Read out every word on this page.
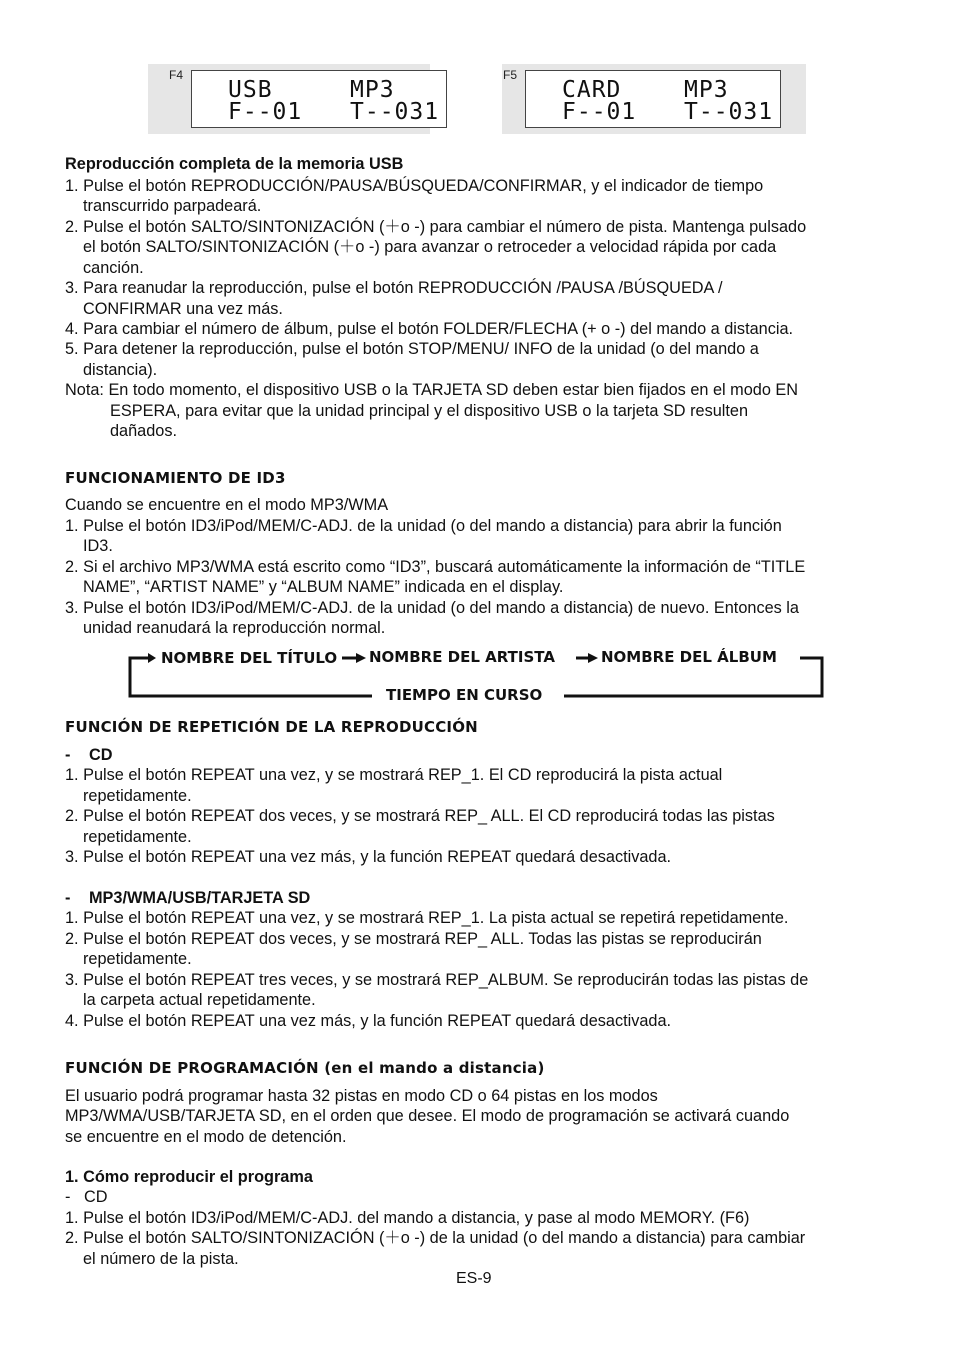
F4
USB	MP3
F--01 T--031
F5
CARD	MP3
F--01 T--031
Reproducción completa de la memoria USB
1. Pulse el botón REPRODUCCIÓN/PAUSA/BÚSQUEDA/CONFIRMAR, y el indicador de tiempo
transcurrido parpadeará.
2. Pulse el botón SALTO/SINTONIZACIÓN (＋o -) para cambiar el número de pista. Mantenga pulsado
el botón SALTO/SINTONIZACIÓN (＋o -) para avanzar o retroceder a velocidad rápida por cada
canción.
3. Para reanudar la reproducción, pulse el botón REPRODUCCIÓN /PAUSA /BÚSQUEDA /
CONFIRMAR una vez más.
4. Para cambiar el número de álbum, pulse el botón FOLDER/FLECHA (+ o -) del mando a distancia.
5. Para detener la reproducción, pulse el botón STOP/MENU/ INFO de la unidad (o del mando a
distancia).
Nota: En todo momento, el dispositivo USB o la TARJETA SD deben estar bien fijados en el modo EN
ESPERA, para evitar que la unidad principal y el dispositivo USB o la tarjeta SD resulten
dañados.
FUNCIONAMIENTO DE ID3
Cuando se encuentre en el modo MP3/WMA
1. Pulse el botón ID3/iPod/MEM/C-ADJ. de la unidad (o del mando a distancia) para abrir la función
ID3.
2. Si el archivo MP3/WMA está escrito como “ID3”, buscará automáticamente la información de “TITLE
NAME”, “ARTIST NAME” y “ALBUM NAME” indicada en el display.
3. Pulse el botón ID3/iPod/MEM/C-ADJ. de la unidad (o del mando a distancia) de nuevo. Entonces la
unidad reanudará la reproducción normal.
FUNCIÓN DE REPETICIÓN DE LA REPRODUCCIÓN
- CD
1. Pulse el botón REPEAT una vez, y se mostrará REP_1. El CD reproducirá la pista actual
repetidamente.
2. Pulse el botón REPEAT dos veces, y se mostrará REP_ ALL. El CD reproducirá todas las pistas
repetidamente.
3. Pulse el botón REPEAT una vez más, y la función REPEAT quedará desactivada.
- MP3/WMA/USB/TARJETA SD
1. Pulse el botón REPEAT una vez, y se mostrará REP_1. La pista actual se repetirá repetidamente.
2. Pulse el botón REPEAT dos veces, y se mostrará REP_ ALL. Todas las pistas se reproducirán
repetidamente.
3. Pulse el botón REPEAT tres veces, y se mostrará REP_ALBUM. Se reproducirán todas las pistas de
la carpeta actual repetidamente.
4. Pulse el botón REPEAT una vez más, y la función REPEAT quedará desactivada.
FUNCIÓN DE PROGRAMACIÓN (en el mando a distancia)
El usuario podrá programar hasta 32 pistas en modo CD o 64 pistas en los modos
MP3/WMA/USB/TARJETA SD, en el orden que desee. El modo de programación se activará cuando
se encuentre en el modo de detención.
1. Cómo reproducir el programa
-   CD
1. Pulse el botón ID3/iPod/MEM/C-ADJ. del mando a distancia, y pase al modo MEMORY. (F6)
2. Pulse el botón SALTO/SINTONIZACIÓN (＋o -) de la unidad (o del mando a distancia) para cambiar
el número de la pista.
NOMBRE DEL TÍTULO NOMBRE DEL ARTISTA	NOMBRE DEL ÁLBUM
TIEMPO EN CURSO
ES-9
